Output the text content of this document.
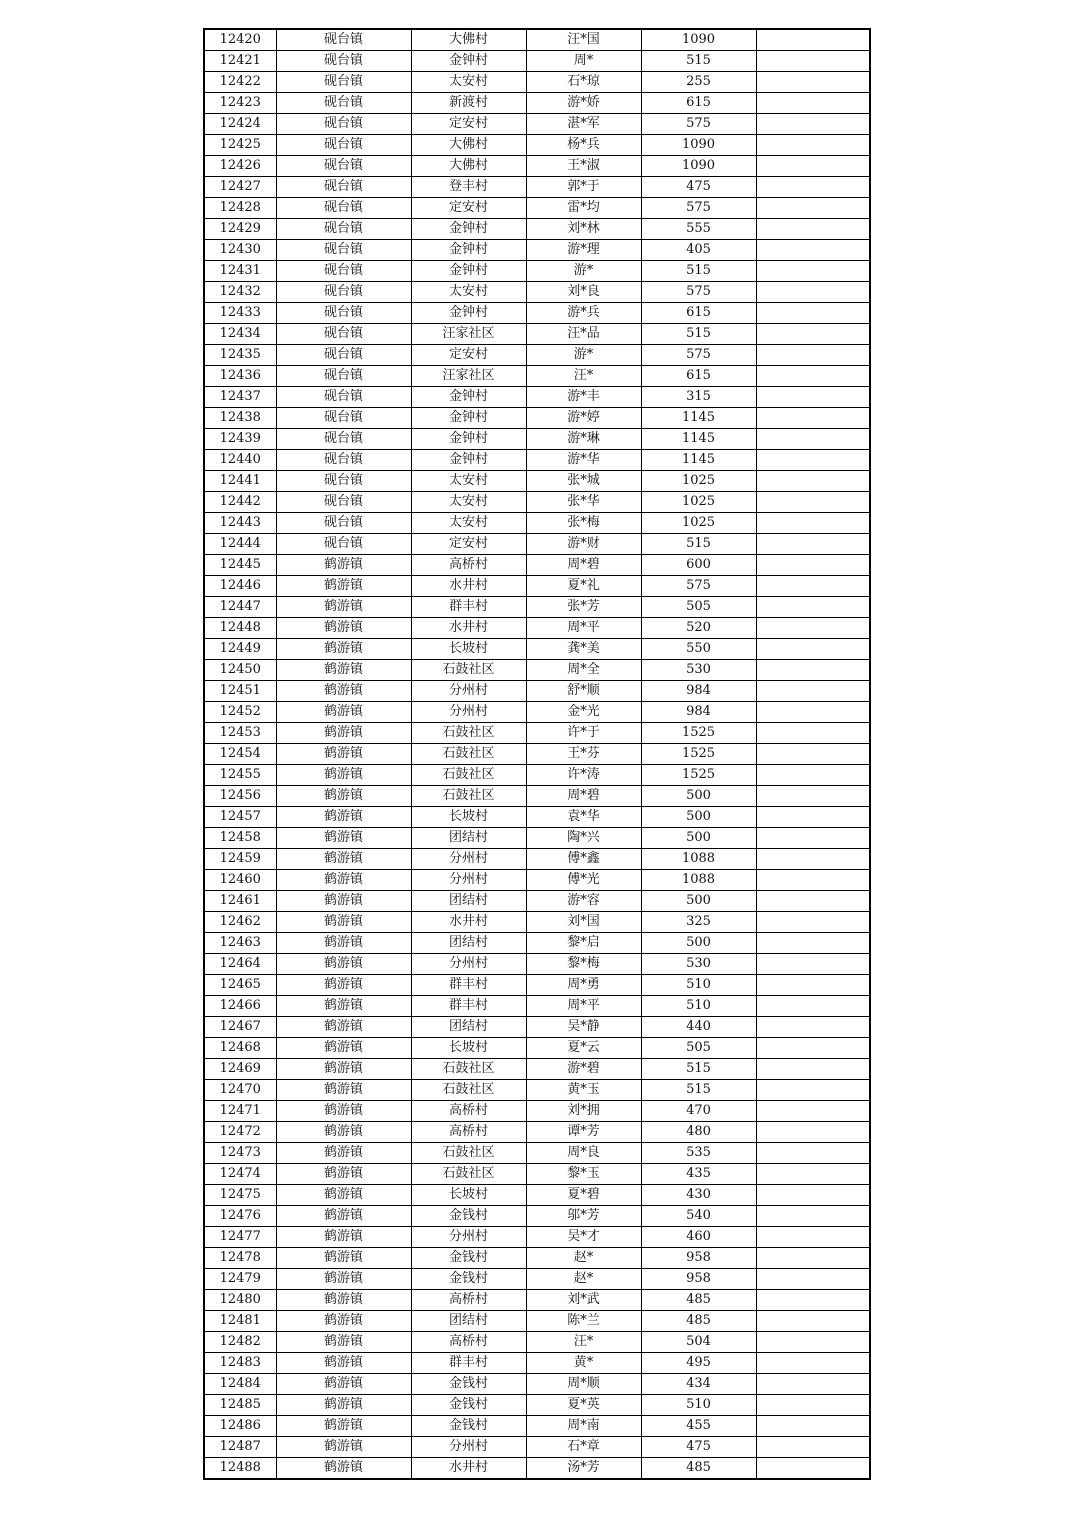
12420	砚台镇	大佛村	汪*国	1090	
12421	砚台镇	金钟村	周*	515	
12422	砚台镇	太安村	石*琼	255	
12423	砚台镇	新渡村	游*娇	615	
12424	砚台镇	定安村	湛*军	575	
12425	砚台镇	大佛村	杨*兵	1090	
12426	砚台镇	大佛村	王*淑	1090	
12427	砚台镇	登丰村	郭*于	475	
12428	砚台镇	定安村	雷*均	575	
12429	砚台镇	金钟村	刘*林	555	
12430	砚台镇	金钟村	游*理	405	
12431	砚台镇	金钟村	游*	515	
12432	砚台镇	太安村	刘*良	575	
12433	砚台镇	金钟村	游*兵	615	
12434	砚台镇	汪家社区	汪*品	515	
12435	砚台镇	定安村	游*	575	
12436	砚台镇	汪家社区	汪*	615	
12437	砚台镇	金钟村	游*丰	315	
12438	砚台镇	金钟村	游*婷	1145	
12439	砚台镇	金钟村	游*琳	1145	
12440	砚台镇	金钟村	游*华	1145	
12441	砚台镇	太安村	张*城	1025	
12442	砚台镇	太安村	张*华	1025	
12443	砚台镇	太安村	张*梅	1025	
12444	砚台镇	定安村	游*财	515	
12445	鹤游镇	高桥村	周*碧	600	
12446	鹤游镇	水井村	夏*礼	575	
12447	鹤游镇	群丰村	张*芳	505	
12448	鹤游镇	水井村	周*平	520	
12449	鹤游镇	长坡村	龚*美	550	
12450	鹤游镇	石鼓社区	周*全	530	
12451	鹤游镇	分州村	舒*顺	984	
12452	鹤游镇	分州村	金*光	984	
12453	鹤游镇	石鼓社区	许*于	1525	
12454	鹤游镇	石鼓社区	王*芬	1525	
12455	鹤游镇	石鼓社区	许*涛	1525	
12456	鹤游镇	石鼓社区	周*碧	500	
12457	鹤游镇	长坡村	袁*华	500	
12458	鹤游镇	团结村	陶*兴	500	
12459	鹤游镇	分州村	傅*鑫	1088	
12460	鹤游镇	分州村	傅*光	1088	
12461	鹤游镇	团结村	游*容	500	
12462	鹤游镇	水井村	刘*国	325	
12463	鹤游镇	团结村	黎*启	500	
12464	鹤游镇	分州村	黎*梅	530	
12465	鹤游镇	群丰村	周*勇	510	
12466	鹤游镇	群丰村	周*平	510	
12467	鹤游镇	团结村	吴*静	440	
12468	鹤游镇	长坡村	夏*云	505	
12469	鹤游镇	石鼓社区	游*碧	515	
12470	鹤游镇	石鼓社区	黄*玉	515	
12471	鹤游镇	高桥村	刘*拥	470	
12472	鹤游镇	高桥村	谭*芳	480	
12473	鹤游镇	石鼓社区	周*良	535	
12474	鹤游镇	石鼓社区	黎*玉	435	
12475	鹤游镇	长坡村	夏*碧	430	
12476	鹤游镇	金钱村	邬*芳	540	
12477	鹤游镇	分州村	吴*才	460	
12478	鹤游镇	金钱村	赵*	958	
12479	鹤游镇	金钱村	赵*	958	
12480	鹤游镇	高桥村	刘*武	485	
12481	鹤游镇	团结村	陈*兰	485	
12482	鹤游镇	高桥村	汪*	504	
12483	鹤游镇	群丰村	黄*	495	
12484	鹤游镇	金钱村	周*顺	434	
12485	鹤游镇	金钱村	夏*英	510	
12486	鹤游镇	金钱村	周*南	455	
12487	鹤游镇	分州村	石*章	475	
12488	鹤游镇	水井村	汤*芳	485	
